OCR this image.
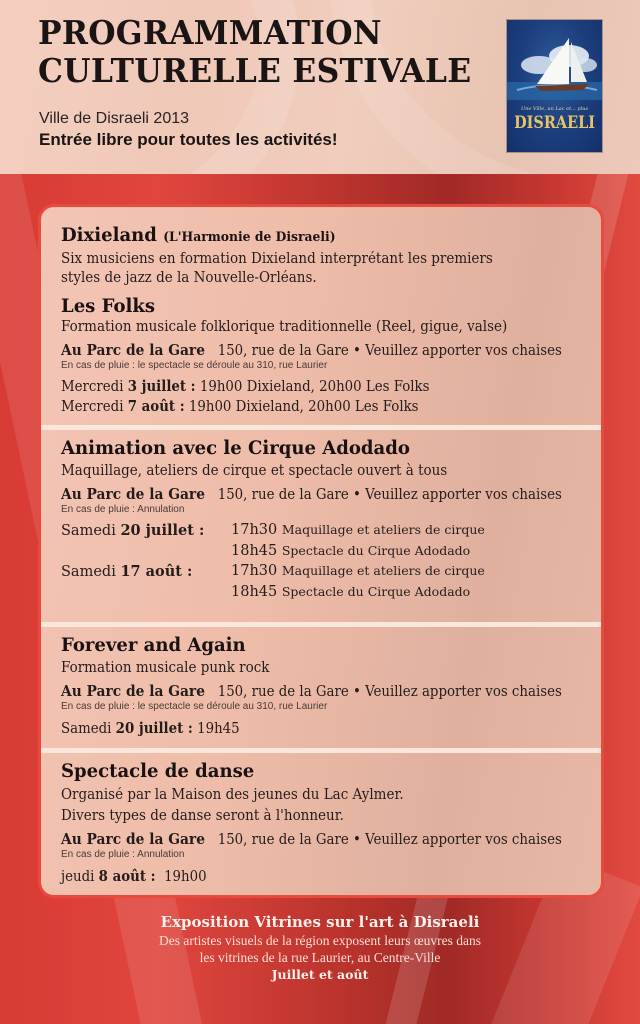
PROGRAMMATION
CULTURELLE ESTIVALE
Ville de Disraeli 2013
Entrée libre pour toutes les activités!
Une Ville, un Lac et... plus
DISRAELI
Dixieland (L'Harmonie de Disraeli)
Six musiciens en formation Dixieland interprétant les premiers
styles de jazz de la Nouvelle-Orléans.
Les Folks
Formation musicale folklorique traditionnelle (Reel, gigue, valse)
Au Parc de la Gare 150, rue de la Gare • Veuillez apporter vos chaises
En cas de pluie : le spectacle se déroule au 310, rue Laurier
Mercredi 3 juillet : 19h00 Dixieland, 20h00 Les Folks
Mercredi 7 août : 19h00 Dixieland, 20h00 Les Folks
Animation avec le Cirque Adodado
Maquillage, ateliers de cirque et spectacle ouvert à tous
Au Parc de la Gare 150, rue de la Gare • Veuillez apporter vos chaises
En cas de pluie : Annulation
Samedi 20 juillet :	17h30 Maquillage et ateliers de cirque
18h45 Spectacle du Cirque Adodado
Samedi 17 août :	17h30 Maquillage et ateliers de cirque
18h45 Spectacle du Cirque Adodado
Forever and Again
Formation musicale punk rock
Au Parc de la Gare 150, rue de la Gare • Veuillez apporter vos chaises
En cas de pluie : le spectacle se déroule au 310, rue Laurier
Samedi 20 juillet : 19h45
Spectacle de danse
Organisé par la Maison des jeunes du Lac Aylmer.
Divers types de danse seront à l'honneur.
Au Parc de la Gare 150, rue de la Gare • Veuillez apporter vos chaises
En cas de pluie : Annulation
jeudi 8 août : 19h00
Exposition Vitrines sur l'art à Disraeli
Des artistes visuels de la région exposent leurs œuvres dans
les vitrines de la rue Laurier, au Centre-Ville
Juillet et août
